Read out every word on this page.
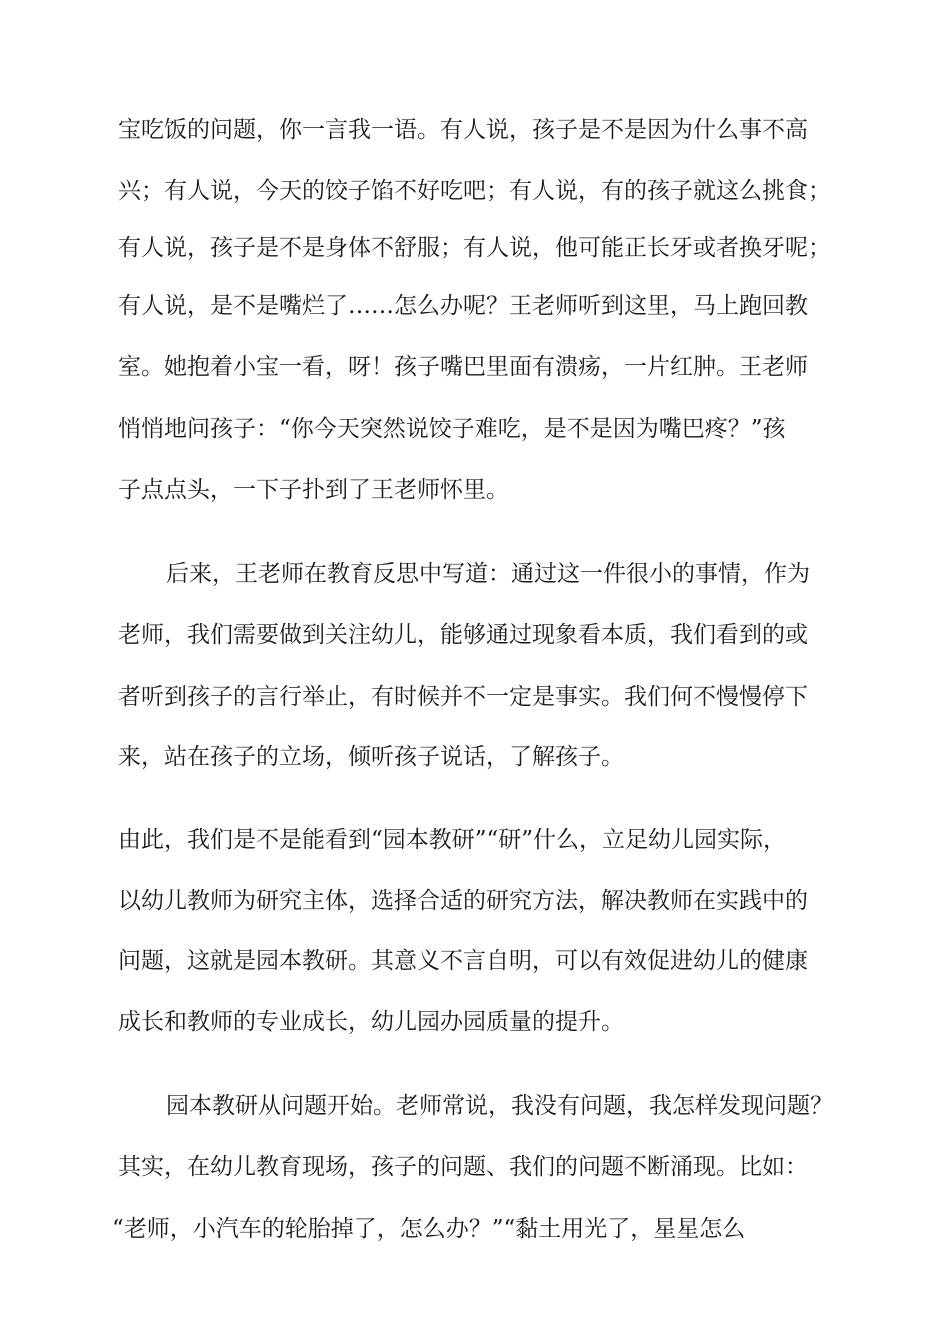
宝吃饭的问题，你一言我一语。有人说，孩子是不是因为什么事不高
兴；有人说，今天的饺子馅不好吃吧；有人说，有的孩子就这么挑食；
有人说，孩子是不是身体不舒服；有人说，他可能正长牙或者换牙呢；
有人说，是不是嘴烂了……怎么办呢？王老师听到这里，马上跑回教
室。她抱着小宝一看，呀！孩子嘴巴里面有溃疡，一片红肿。王老师
悄悄地问孩子：“你今天突然说饺子难吃，是不是因为嘴巴疼？”孩
子点点头，一下子扑到了王老师怀里。
后来，王老师在教育反思中写道：通过这一件很小的事情，作为
老师，我们需要做到关注幼儿，能够通过现象看本质，我们看到的或
者听到孩子的言行举止，有时候并不一定是事实。我们何不慢慢停下
来，站在孩子的立场，倾听孩子说话，了解孩子。
由此，我们是不是能看到“园本教研”“研”什么，立足幼儿园实际，
以幼儿教师为研究主体，选择合适的研究方法，解决教师在实践中的
问题，这就是园本教研。其意义不言自明，可以有效促进幼儿的健康
成长和教师的专业成长，幼儿园办园质量的提升。
园本教研从问题开始。老师常说，我没有问题，我怎样发现问题？
其实，在幼儿教育现场，孩子的问题、我们的问题不断涌现。比如：
“老师，小汽车的轮胎掉了，怎么办？”“黏土用光了，星星怎么
